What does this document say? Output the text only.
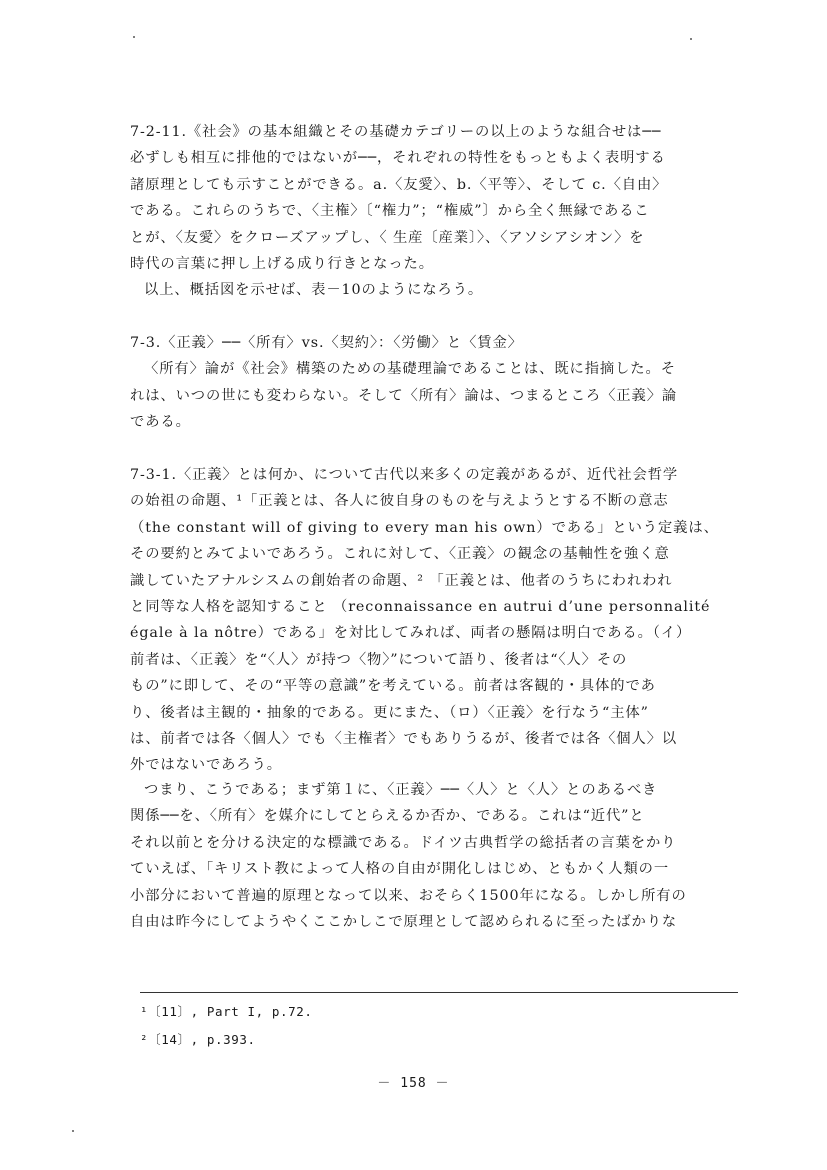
7-2-11.《社会》の基本組織とその基礎カテゴリーの以上のような組合せは──
必ずしも相互に排他的ではないが──，それぞれの特性をもっともよく表明する
諸原理としても示すことができる。a.〈友愛〉、b.〈平等〉、そして c.〈自由〉
である。これらのうちで、〈主権〉〔“権力”；“権威”〕から全く無縁であるこ
とが、〈友愛〉をクローズアップし、〈 生産〔産業〕〉、〈アソシアシオン〉を
時代の言葉に押し上げる成り行きとなった。
以上、概括図を示せば、表－10のようになろう。
7-3.〈正義〉──〈所有〉vs.〈契約〉：〈労働〉と〈賃金〉
〈所有〉論が《社会》構築のための基礎理論であることは、既に指摘した。そ
れは、いつの世にも変わらない。そして〈所有〉論は、つまるところ〈正義〉論
である。
7-3-1.〈正義〉とは何か、について古代以来多くの定義があるが、近代社会哲学
の始祖の命題、¹「正義とは、各人に彼自身のものを与えようとする不断の意志
（the constant will of giving to every man his own）である」という定義は、
その要約とみてよいであろう。これに対して、〈正義〉の観念の基軸性を強く意
識していたアナルシスムの創始者の命題、² 「正義とは、他者のうちにわれわれ
と同等な人格を認知すること （reconnaissance en autrui d’une personnalité
égale à la nôtre）である」を対比してみれば、両者の懸隔は明白である。（イ）
前者は、〈正義〉を“〈人〉が持つ〈物〉”について語り、後者は“〈人〉その
もの”に即して、その“平等の意識”を考えている。前者は客観的・具体的であ
り、後者は主観的・抽象的である。更にまた、（ロ）〈正義〉を行なう“主体”
は、前者では各〈個人〉でも〈主権者〉でもありうるが、後者では各〈個人〉以
外ではないであろう。
つまり、こうである；まず第１に、〈正義〉──〈人〉と〈人〉とのあるべき
関係──を、〈所有〉を媒介にしてとらえるか否か、である。これは“近代”と
それ以前とを分ける決定的な標識である。ドイツ古典哲学の総括者の言葉をかり
ていえば、「キリスト教によって人格の自由が開化しはじめ、ともかく人類の一
小部分において普遍的原理となって以来、おそらく1500年になる。しかし所有の
自由は昨今にしてようやくここかしこで原理として認められるに至ったばかりな
¹〔11〕, Part I, p.72.
²〔14〕, p.393.
－ 158 －
